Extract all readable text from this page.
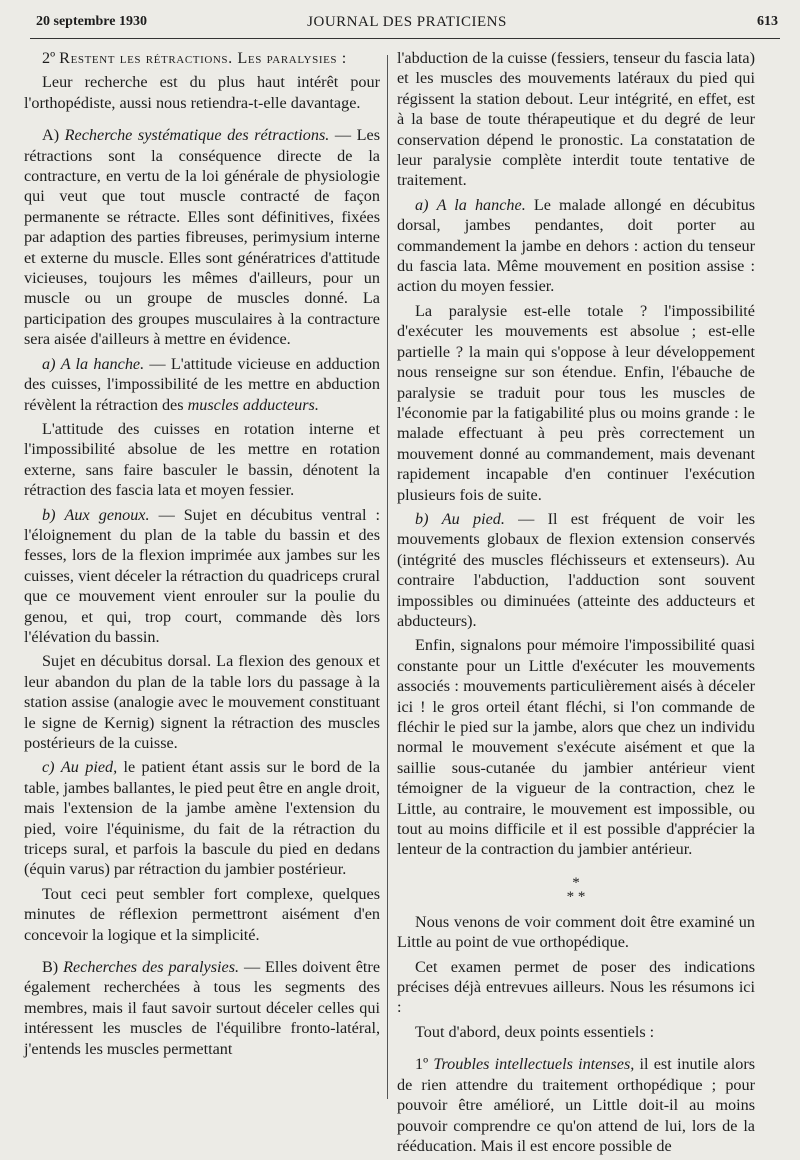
20 septembre 1930	JOURNAL DES PRATICIENS	613

2º Restent les rétractions. Les paralysies :

Leur recherche est du plus haut intérêt pour l'orthopédiste, aussi nous retiendra-t-elle davantage.

A) Recherche systématique des rétractions. — Les rétractions sont la conséquence directe de la contracture, en vertu de la loi générale de physiologie qui veut que tout muscle contracté de façon permanente se rétracte. Elles sont définitives, fixées par adaption des parties fibreuses, perimysium interne et externe du muscle. Elles sont génératrices d'attitude vicieuses, toujours les mêmes d'ailleurs, pour un muscle ou un groupe de muscles donné. La participation des groupes musculaires à la contracture sera aisée d'ailleurs à mettre en évidence.

a) A la hanche. — L'attitude vicieuse en adduction des cuisses, l'impossibilité de les mettre en abduction révèlent la rétraction des muscles adducteurs.

L'attitude des cuisses en rotation interne et l'impossibilité absolue de les mettre en rotation externe, sans faire basculer le bassin, dénotent la rétraction des fascia lata et moyen fessier.

b) Aux genoux. — Sujet en décubitus ventral : l'éloignement du plan de la table du bassin et des fesses, lors de la flexion imprimée aux jambes sur les cuisses, vient déceler la rétraction du quadriceps crural que ce mouvement vient enrouler sur la poulie du genou, et qui, trop court, commande dès lors l'élévation du bassin.

Sujet en décubitus dorsal. La flexion des genoux et leur abandon du plan de la table lors du passage à la station assise (analogie avec le mouvement constituant le signe de Kernig) signent la rétraction des muscles postérieurs de la cuisse.

c) Au pied, le patient étant assis sur le bord de la table, jambes ballantes, le pied peut être en angle droit, mais l'extension de la jambe amène l'extension du pied, voire l'équinisme, du fait de la rétraction du triceps sural, et parfois la bascule du pied en dedans (équin varus) par rétraction du jambier postérieur.

Tout ceci peut sembler fort complexe, quelques minutes de réflexion permettront aisément d'en concevoir la logique et la simplicité.

B) Recherches des paralysies. — Elles doivent être également recherchées à tous les segments des membres, mais il faut savoir surtout déceler celles qui intéressent les muscles de l'équilibre fronto-latéral, j'entends les muscles permettant

l'abduction de la cuisse (fessiers, tenseur du fascia lata) et les muscles des mouvements latéraux du pied qui régissent la station debout. Leur intégrité, en effet, est à la base de toute thérapeutique et du degré de leur conservation dépend le pronostic. La constatation de leur paralysie complète interdit toute tentative de traitement.

a) A la hanche. Le malade allongé en décubitus dorsal, jambes pendantes, doit porter au commandement la jambe en dehors : action du tenseur du fascia lata. Même mouvement en position assise : action du moyen fessier.

La paralysie est-elle totale ? l'impossibilité d'exécuter les mouvements est absolue ; est-elle partielle ? la main qui s'oppose à leur développement nous renseigne sur son étendue. Enfin, l'ébauche de paralysie se traduit pour tous les muscles de l'économie par la fatigabilité plus ou moins grande : le malade effectuant à peu près correctement un mouvement donné au commandement, mais devenant rapidement incapable d'en continuer l'exécution plusieurs fois de suite.

b) Au pied. — Il est fréquent de voir les mouvements globaux de flexion extension conservés (intégrité des muscles fléchisseurs et extenseurs). Au contraire l'abduction, l'adduction sont souvent impossibles ou diminuées (atteinte des adducteurs et abducteurs).

Enfin, signalons pour mémoire l'impossibilité quasi constante pour un Little d'exécuter les mouvements associés : mouvements particulièrement aisés à déceler ici ! le gros orteil étant fléchi, si l'on commande de fléchir le pied sur la jambe, alors que chez un individu normal le mouvement s'exécute aisément et que la saillie sous-cutanée du jambier antérieur vient témoigner de la vigueur de la contraction, chez le Little, au contraire, le mouvement est impossible, ou tout au moins difficile et il est possible d'apprécier la lenteur de la contraction du jambier antérieur.

*
* *

Nous venons de voir comment doit être examiné un Little au point de vue orthopédique.

Cet examen permet de poser des indications précises déjà entrevues ailleurs. Nous les résumons ici :

Tout d'abord, deux points essentiels :

1º Troubles intellectuels intenses, il est inutile alors de rien attendre du traitement orthopédique ; pour pouvoir être amélioré, un Little doit-il au moins pouvoir comprendre ce qu'on attend de lui, lors de la rééducation. Mais il est encore possible de
